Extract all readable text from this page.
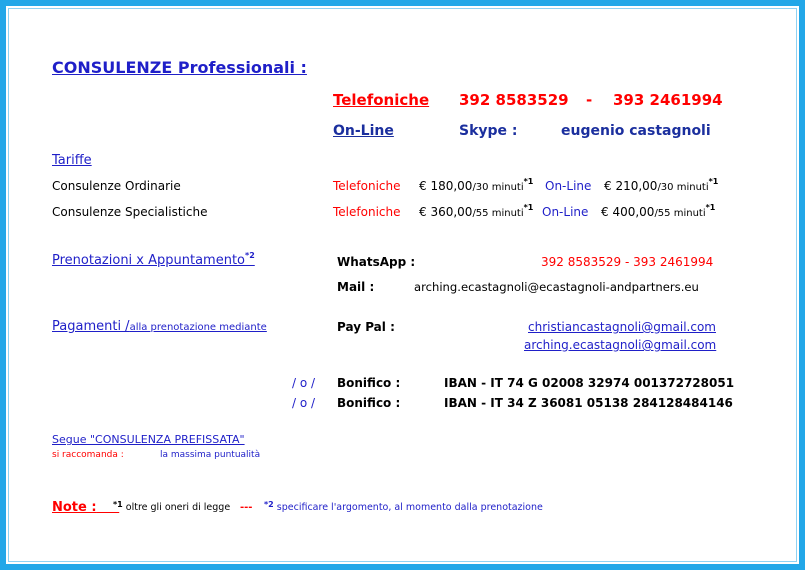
CONSULENZE Professionali :
Telefoniche 392 8583529 - 393 2461994
On-Line	Skype :	eugenio castagnoli
Tariffe
Consulenze Ordinarie	Telefoniche € 180,00/30 minuti$^{*1}$ On-Line € 210,00/30 minuti$^{*1}$
Consulenze Specialistiche	Telefoniche € 360,00/55 minuti$^{*1}$ On-Line € 400,00/55 minuti$^{*1}$
Prenotazioni x Appuntamento$^{*2}$	WhatsApp :	392 8583529 - 393 2461994
Mail :	arching.ecastagnoli@ecastagnoli-andpartners.eu
Pagamenti /alla prenotazione mediante	Pay Pal :	christiancastagnoli@gmail.com
arching.ecastagnoli@gmail.com
/ o / Bonifico :	IBAN - IT 74 G 02008 32974 001372728051
/ o / Bonifico :	IBAN - IT 34 Z 36081 05138 284128484146
Segue "CONSULENZA PREFISSATA"
si raccomanda :	la massima puntualità
Note :	$^{*1}$ oltre gli oneri di legge --- $^{*2}$ specificare l'argomento, al momento dalla prenotazione
